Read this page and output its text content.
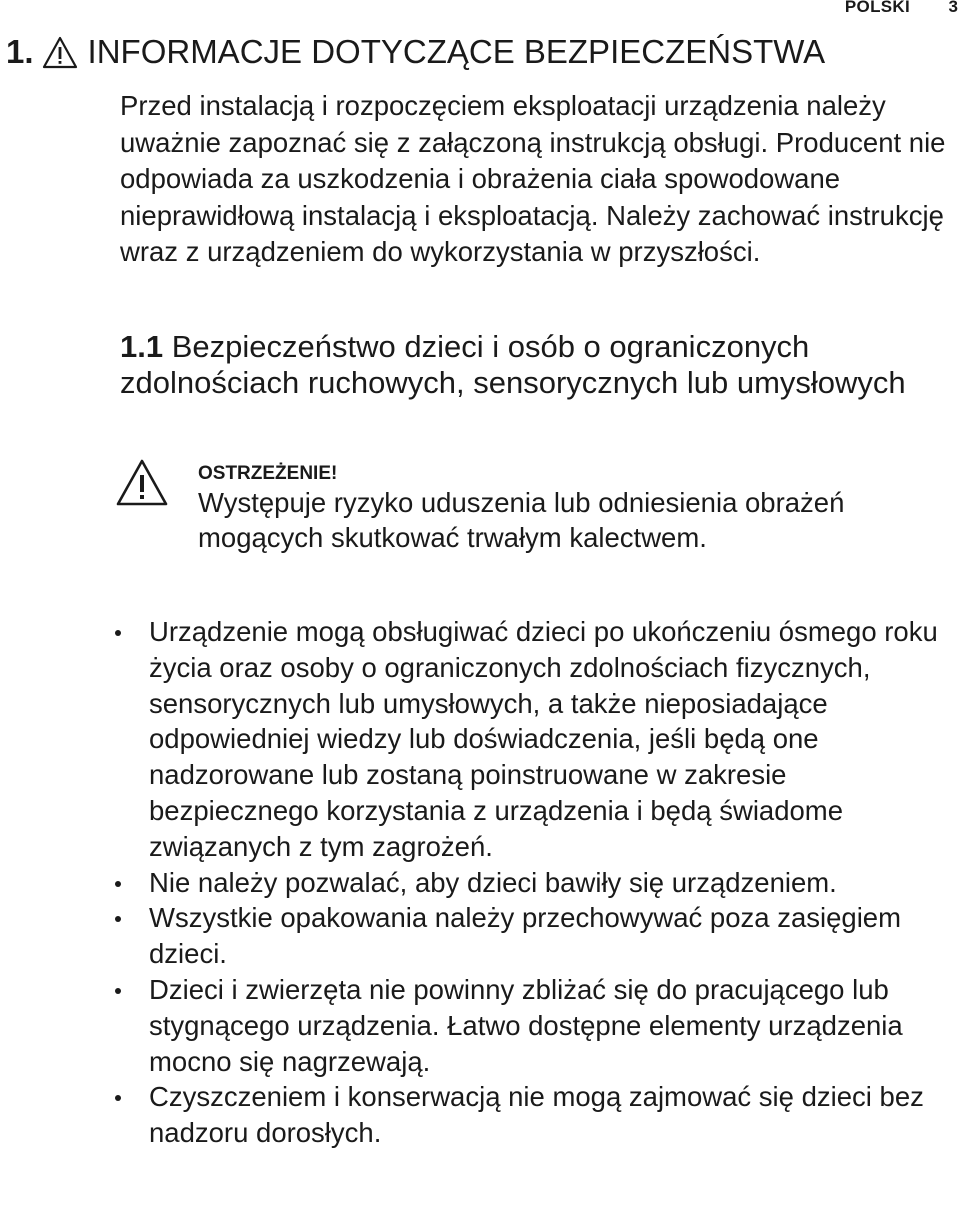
POLSKI 3
1. INFORMACJE DOTYCZĄCE BEZPIECZEŃSTWA

Przed instalacją i rozpoczęciem eksploatacji urządzenia należy uważnie zapoznać się z załączoną instrukcją obsługi. Producent nie odpowiada za uszkodzenia i obrażenia ciała spowodowane nieprawidłową instalacją i eksploatacją. Należy zachować instrukcję wraz z urządzeniem do wykorzystania w przyszłości.

1.1 Bezpieczeństwo dzieci i osób o ograniczonych zdolnościach ruchowych, sensorycznych lub umysłowych
OSTRZEŻENIE!

Występuje ryzyko uduszenia lub odniesienia obrażeń mogących skutkować trwałym kalectwem.

Urządzenie mogą obsługiwać dzieci po ukończeniu ósmego roku życia oraz osoby o ograniczonych zdolnościach fizycznych, sensorycznych lub umysłowych, a także nieposiadające odpowiedniej wiedzy lub doświadczenia, jeśli będą one nadzorowane lub zostaną poinstruowane w zakresie bezpiecznego korzystania z urządzenia i będą świadome związanych z tym zagrożeń.
Nie należy pozwalać, aby dzieci bawiły się urządzeniem.
Wszystkie opakowania należy przechowywać poza zasięgiem dzieci.
Dzieci i zwierzęta nie powinny zbliżać się do pracującego lub stygnącego urządzenia. Łatwo dostępne elementy urządzenia mocno się nagrzewają.
Czyszczeniem i konserwacją nie mogą zajmować się dzieci bez nadzoru dorosłych.
